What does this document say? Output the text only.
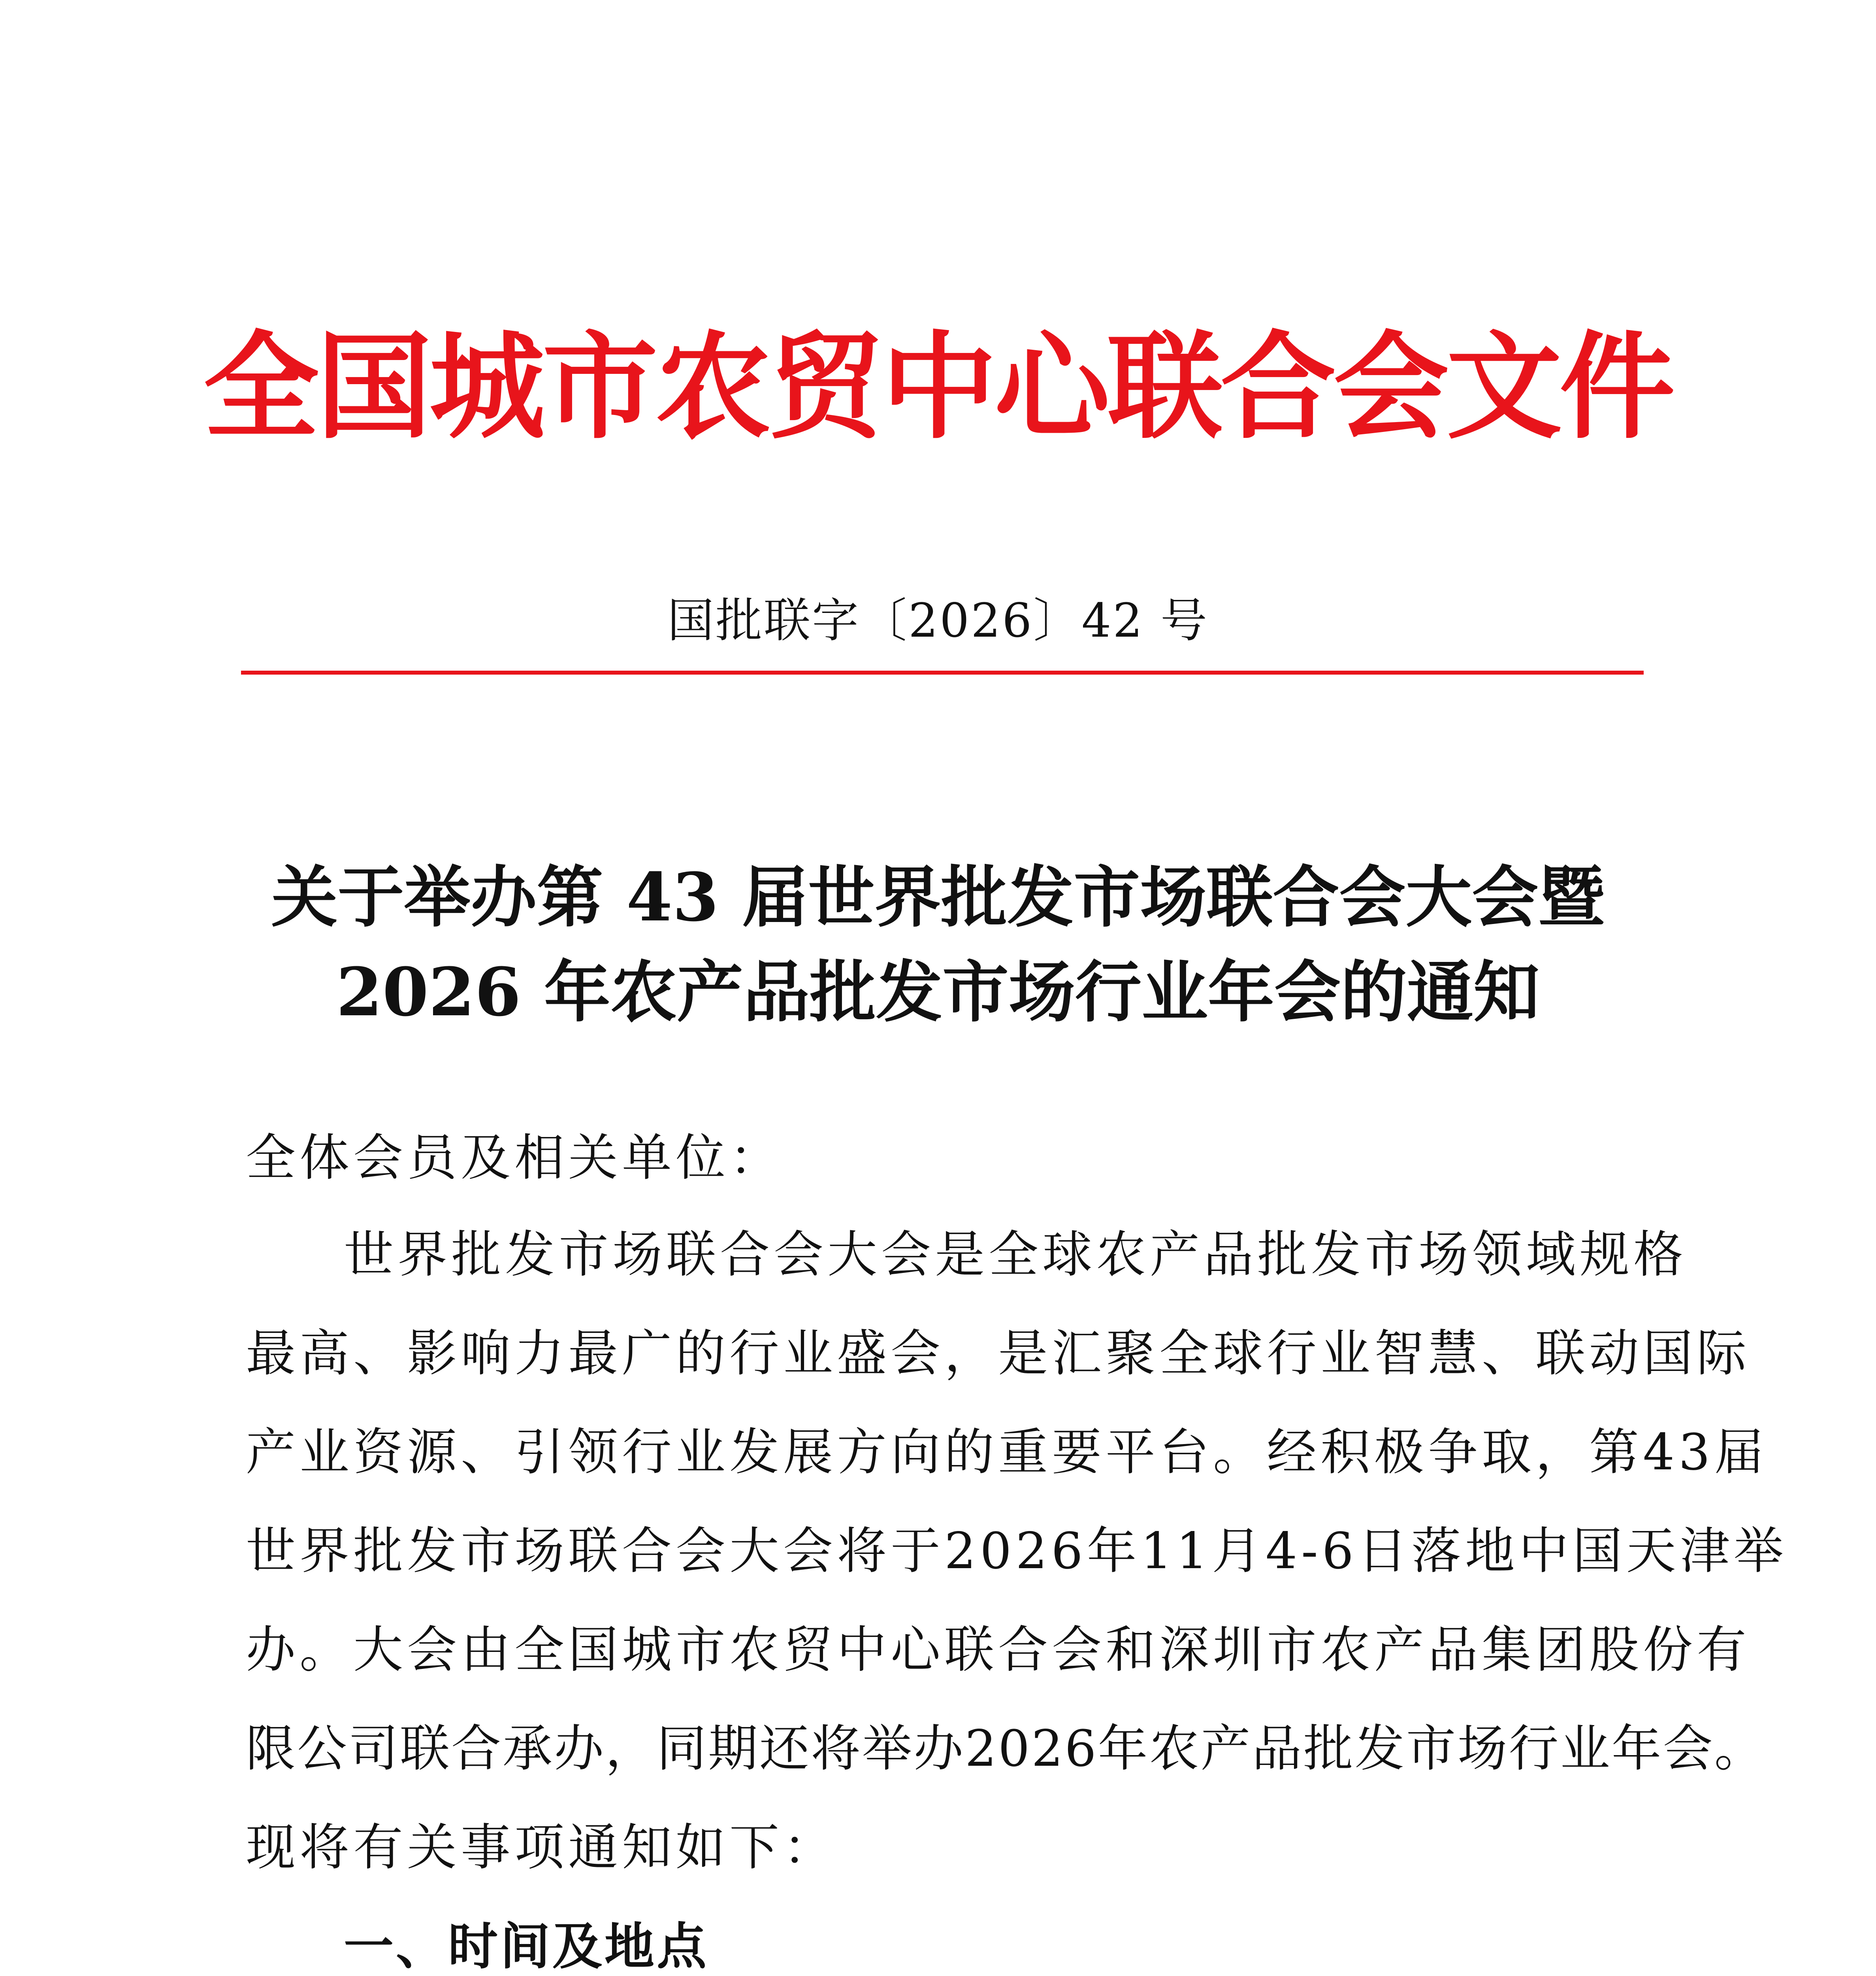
全国城市农贸中心联合会文件
国批联字〔2026〕42 号
关于举办第 43 届世界批发市场联合会大会暨
2026 年农产品批发市场行业年会的通知
全体会员及相关单位：
世界批发市场联合会大会是全球农产品批发市场领域规格
最高、影响力最广的行业盛会，是汇聚全球行业智慧、联动国际
产业资源、引领行业发展方向的重要平台。经积极争取，第43届
世界批发市场联合会大会将于2026年11月4-6日落地中国天津举
办。大会由全国城市农贸中心联合会和深圳市农产品集团股份有
限公司联合承办，同期还将举办2026年农产品批发市场行业年会。
现将有关事项通知如下：
一、时间及地点
